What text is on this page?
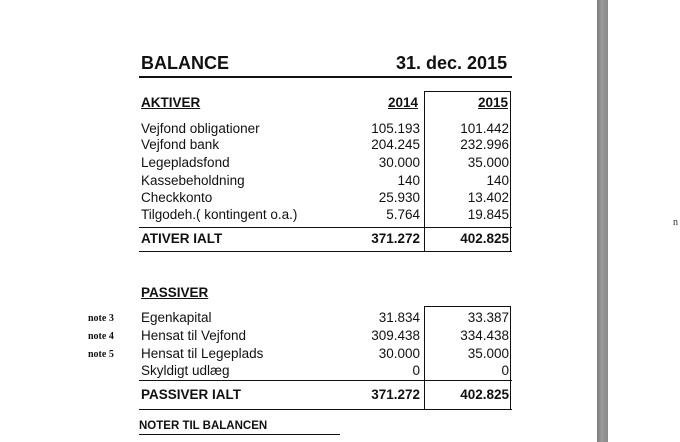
n
BALANCE	31. dec. 2015
AKTIVER	2014	2015
Vejfond obligationer	105.193	101.442
Vejfond bank	204.245	232.996
Legepladsfond	30.000	35.000
Kassebeholdning	140	140
Checkkonto	25.930	13.402
Tilgodeh.( kontingent o.a.)	5.764	19.845
ATIVER IALT	371.272	402.825
PASSIVER
note 3 Egenkapital	31.834	33.387
note 4 Hensat til Vejfond	309.438	334.438
note 5 Hensat til Legeplads	30.000	35.000
Skyldigt udlæg	0	0
PASSIVER IALT	371.272	402.825
NOTER TIL BALANCEN
